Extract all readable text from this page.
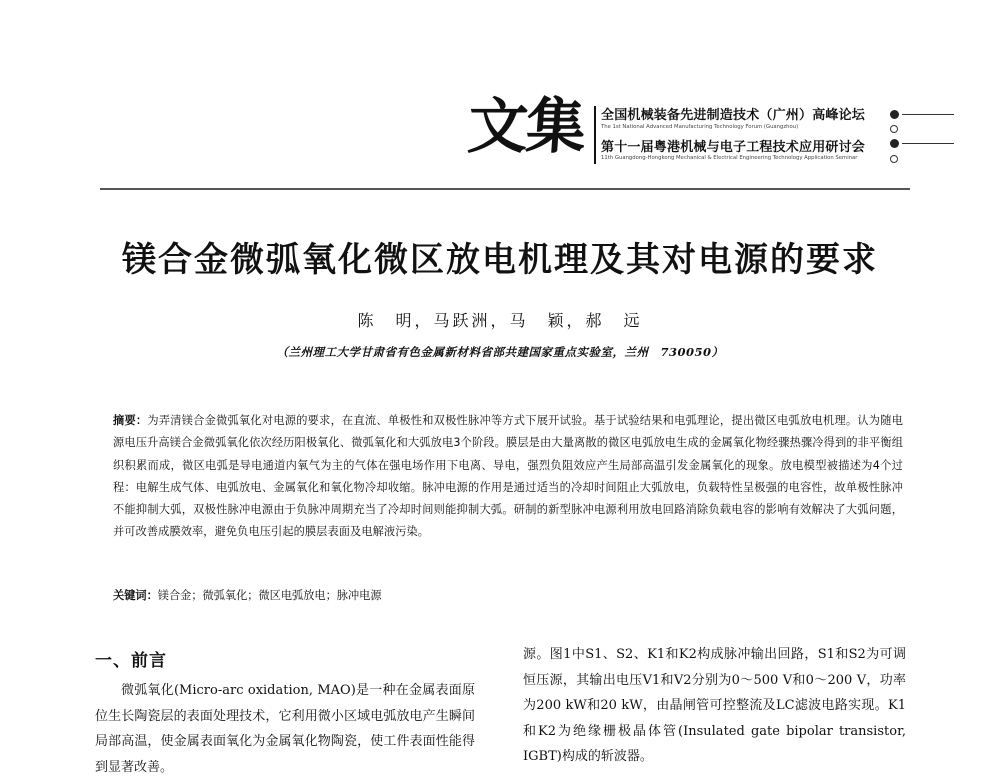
文集	全国机械装备先进制造技术（广州）高峰论坛
The 1st National Advanced Manufacturing Technology Forum (Guangzhou)
第十一届粤港机械与电子工程技术应用研讨会
11th Guangdong-Hongkong Mechanical & Electrical Engineering Technology Application Seminar
镁合金微弧氧化微区放电机理及其对电源的要求
陈　明，马跃洲，马　颖，郝　远
（兰州理工大学甘肃省有色金属新材料省部共建国家重点实验室，兰州　730050）
摘要：为弄清镁合金微弧氧化对电源的要求，在直流、单极性和双极性脉冲等方式下展开试验。基于试验结果和电弧理论，提出微区电弧放电机理。认为随电源电压升高镁合金微弧氧化依次经历阳极氧化、微弧氧化和大弧放电3个阶段。膜层是由大量离散的微区电弧放电生成的金属氧化物经骤热骤冷得到的非平衡组织积累而成，微区电弧是导电通道内氧气为主的气体在强电场作用下电离、导电，强烈负阻效应产生局部高温引发金属氧化的现象。放电模型被描述为4个过程：电解生成气体、电弧放电、金属氧化和氧化物冷却收缩。脉冲电源的作用是通过适当的冷却时间阻止大弧放电，负载特性呈极强的电容性，故单极性脉冲不能抑制大弧，双极性脉冲电源由于负脉冲周期充当了冷却时间则能抑制大弧。研制的新型脉冲电源利用放电回路消除负载电容的影响有效解决了大弧问题，并可改善成膜效率，避免负电压引起的膜层表面及电解液污染。
关键词：镁合金；微弧氧化；微区电弧放电；脉冲电源
一、前言
微弧氧化(Micro-arc oxidation, MAO)是一种在金属表面原位生长陶瓷层的表面处理技术，它利用微小区域电弧放电产生瞬间局部高温，使金属表面氧化为金属氧化物陶瓷，使工件表面性能得到显著改善。
源。图1中S1、S2、K1和K2构成脉冲输出回路，S1和S2为可调恒压源，其输出电压V1和V2分别为0～500 V和0～200 V，功率为200 kW和20 kW，由晶闸管可控整流及LC滤波电路实现。K1和K2为绝缘栅极晶体管(Insulated gate bipolar transistor, IGBT)构成的斩波器。
